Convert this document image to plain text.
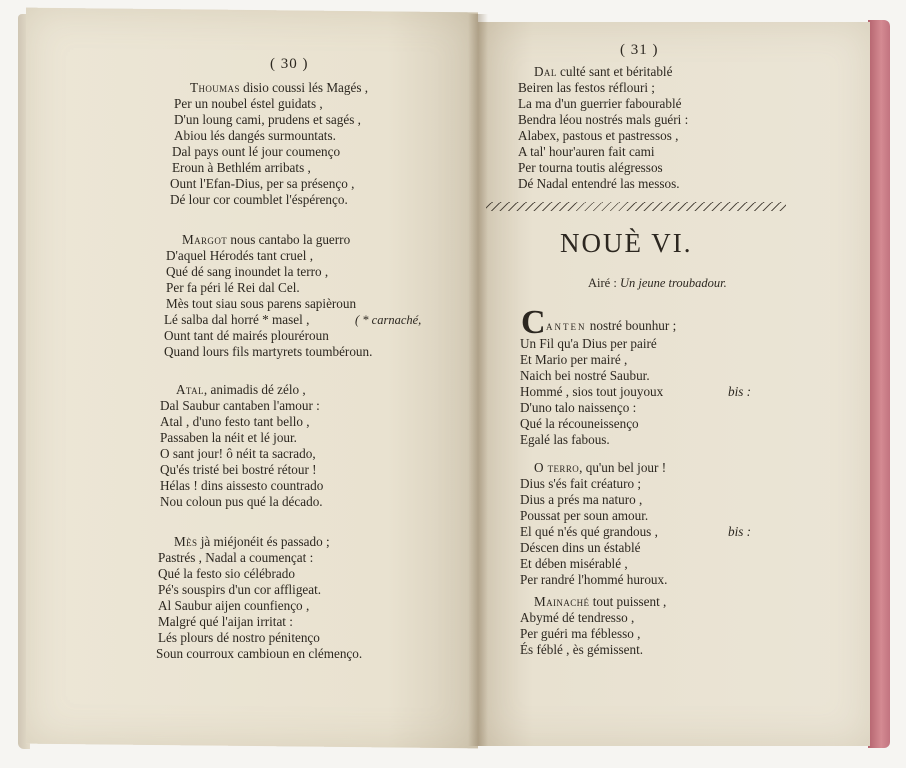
( 30 )
Thoumas disio coussi lés Magés ,
Per un noubel éstel guidats ,
D'un loung cami, prudens et sagés ,
Abiou lés dangés surmountats.
Dal pays ount lé jour coumenço
Eroun à Bethlém arribats ,
Ount l'Efan-Dius, per sa présenço ,
Dé lour cor coumblet l'éspérenço.
Margot nous cantabo la guerro
D'aquel Hérodés tant cruel ,
Qué dé sang inoundet la terro ,
Per fa péri lé Rei dal Cel.
Mès tout siau sous parens sapièroun
Lé salba dal horré * masel ,	( * carnaché,
Ount tant dé mairés plouréroun
Quand lours fils martyrets toumbéroun.
Atal, animadis dé zélo ,
Dal Saubur cantaben l'amour :
Atal , d'uno festo tant bello ,
Passaben la néit et lé jour.
O sant jour! ô néit ta sacrado,
Qu'és tristé bei bostré rétour !
Hélas ! dins aissesto countrado
Nou coloun pus qué la décado.
Mès jà miéjonéit és passado ;
Pastrés , Nadal a coumençat :
Qué la festo sio célébrado
Pé's souspirs d'un cor affligeat.
Al Saubur aijen counfienço ,
Malgré qué l'aijan irritat :
Lés plours dé nostro pénitenço
Soun courroux cambioun en clémenço.
( 31 )
Dal culté sant et béritablé
Beiren las festos réflouri ;
La ma d'un guerrier fabourablé
Bendra léou nostrés mals guéri :
Alabex, pastous et pastressos ,
A tal' hour'auren fait cami
Per tourna toutis alégressos
Dé Nadal entendré las messos.
NOUÈ VI.
Airé : Un jeune troubadour.
C anten nostré bounhur ;
Un Fil qu'a Dius per pairé
Et Mario per mairé ,
Naich bei nostré Saubur.
Hommé , sios tout jouyoux	bis :
D'uno talo naissenço :
Qué la récouneissenço
Egalé las fabous.
O terro, qu'un bel jour !
Dius s'és fait créaturo ;
Dius a prés ma naturo ,
Poussat per soun amour.
El qué n'és qué grandous ,	bis :
Déscen dins un éstablé
Et dében misérablé ,
Per randré l'hommé huroux.
Mainaché tout puissent ,
Abymé dé tendresso ,
Per guéri ma féblesso ,
És féblé , ès gémissent.
